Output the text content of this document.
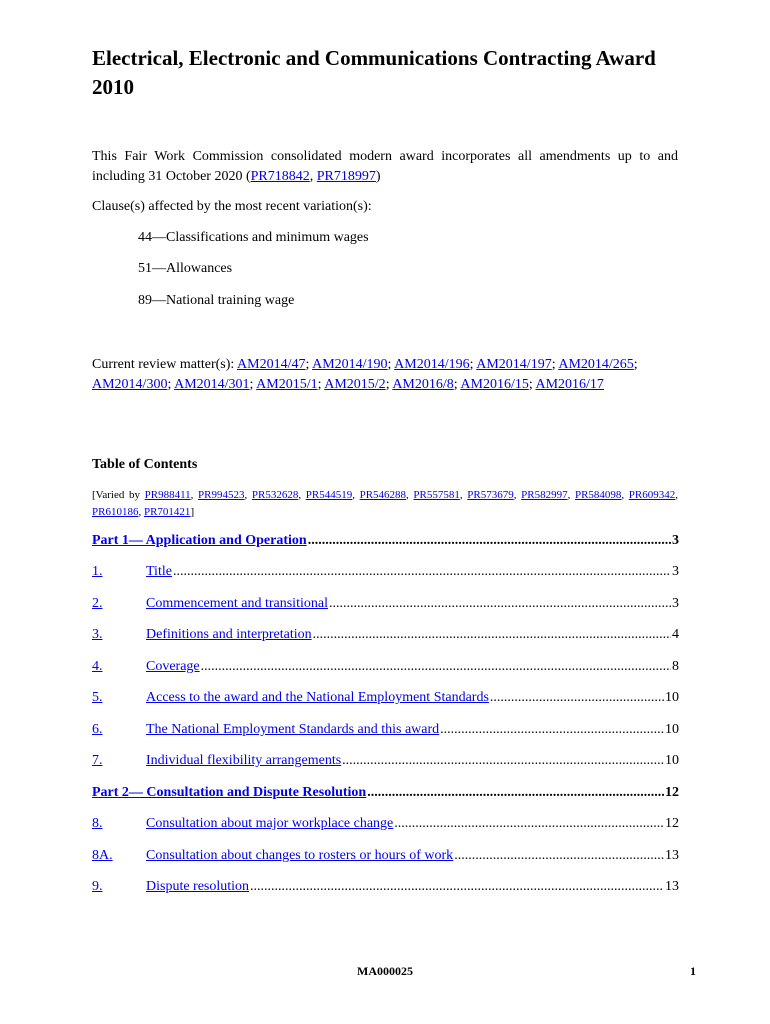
Electrical, Electronic and Communications Contracting Award 2010
This Fair Work Commission consolidated modern award incorporates all amendments up to and including 31 October 2020 (PR718842, PR718997)
Clause(s) affected by the most recent variation(s):
44—Classifications and minimum wages
51—Allowances
89—National training wage
Current review matter(s): AM2014/47; AM2014/190; AM2014/196; AM2014/197; AM2014/265; AM2014/300; AM2014/301; AM2015/1; AM2015/2; AM2016/8; AM2016/15; AM2016/17
Table of Contents
[Varied by PR988411, PR994523, PR532628, PR544519, PR546288, PR557581, PR573679, PR582997, PR584098, PR609342, PR610186, PR701421]
Part 1— Application and Operation .....	3
1.	Title .....	3
2.	Commencement and transitional .....	3
3.	Definitions and interpretation .....	4
4.	Coverage .....	8
5.	Access to the award and the National Employment Standards .....	10
6.	The National Employment Standards and this award .....	10
7.	Individual flexibility arrangements .....	10
Part 2— Consultation and Dispute Resolution .....	12
8.	Consultation about major workplace change .....	12
8A.	Consultation about changes to rosters or hours of work .....	13
9.	Dispute resolution .....	13
MA000025	1
